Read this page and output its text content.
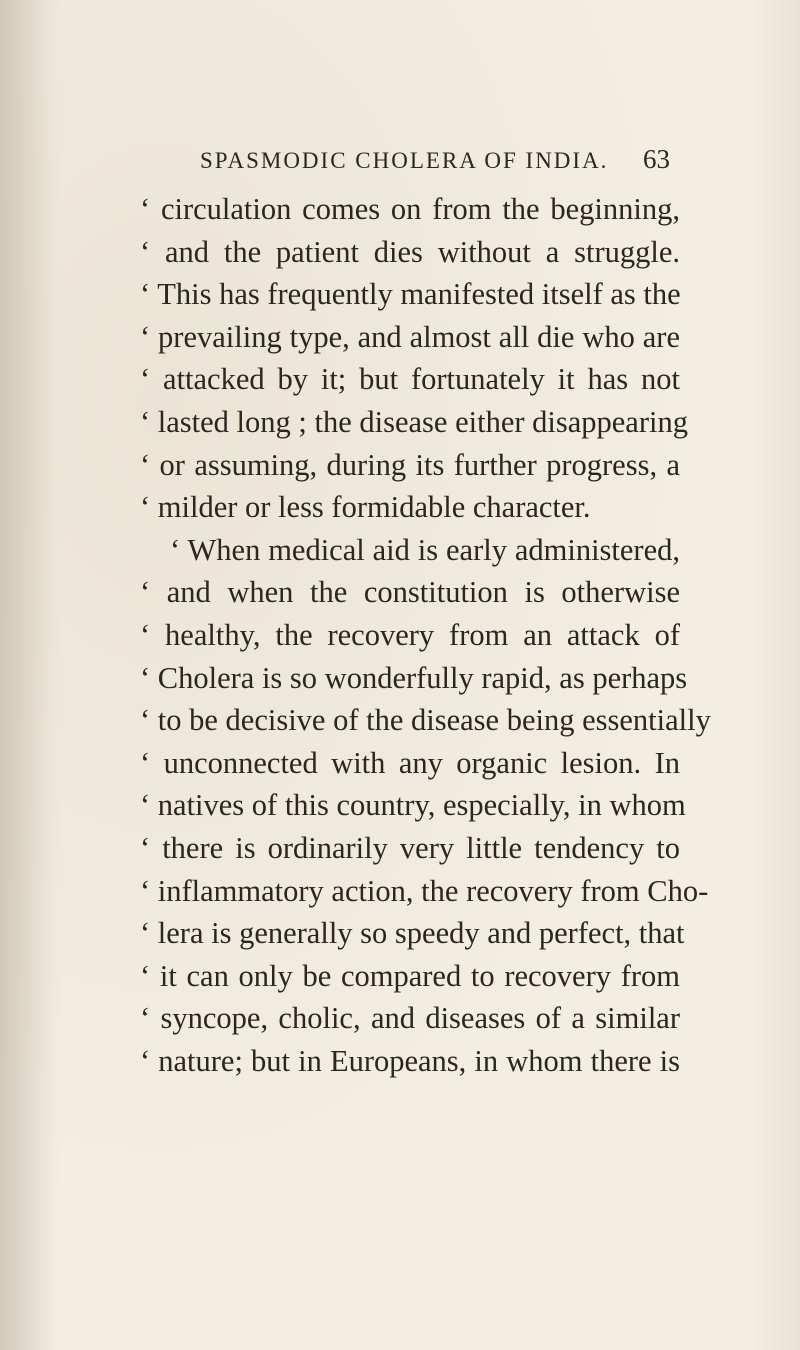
SPASMODIC CHOLERA OF INDIA. 63
‘ circulation comes on from the beginning,
‘ and the patient dies without a struggle.
‘ This has frequently manifested itself as the
‘ prevailing type, and almost all die who are
‘ attacked by it; but fortunately it has not
‘ lasted long ; the disease either disappearing
‘ or assuming, during its further progress, a
‘ milder or less formidable character.
‘ When medical aid is early administered,
‘ and when the constitution is otherwise
‘ healthy, the recovery from an attack of
‘ Cholera is so wonderfully rapid, as perhaps
‘ to be decisive of the disease being essentially
‘ unconnected with any organic lesion. In
‘ natives of this country, especially, in whom
‘ there is ordinarily very little tendency to
‘ inflammatory action, the recovery from Cho-
‘ lera is generally so speedy and perfect, that
‘ it can only be compared to recovery from
‘ syncope, cholic, and diseases of a similar
‘ nature; but in Europeans, in whom there is
